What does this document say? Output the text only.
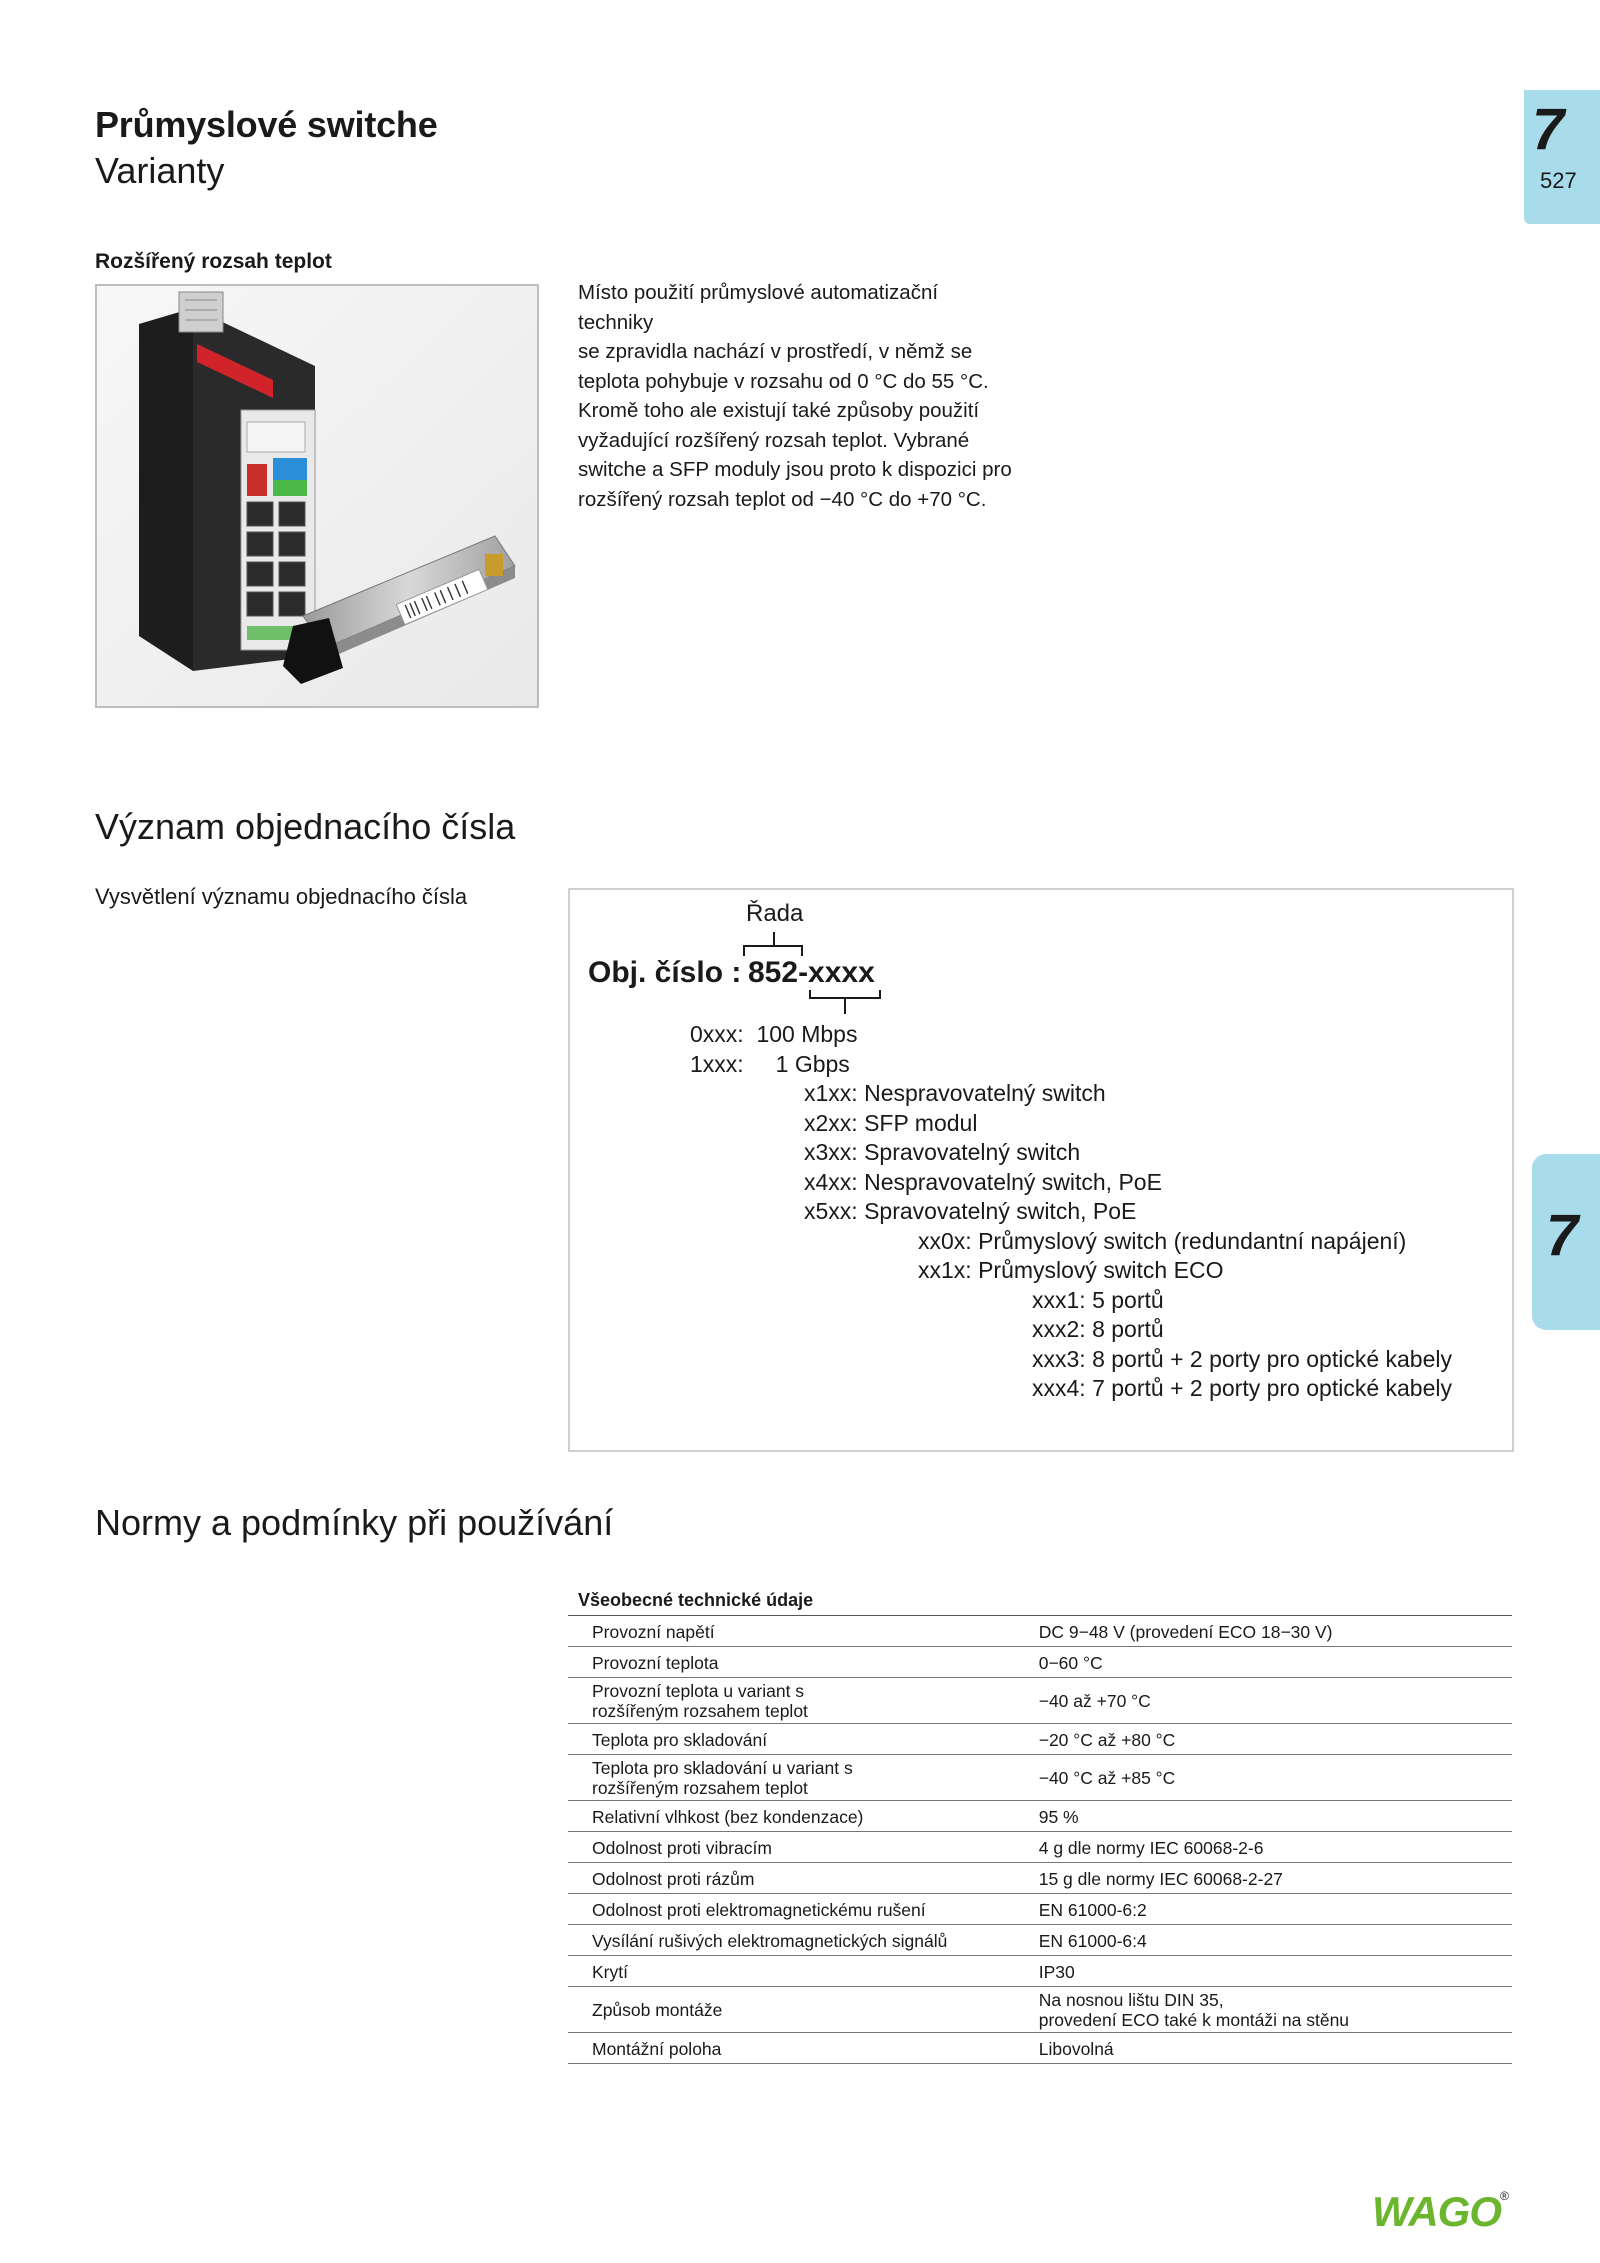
Průmyslové switche
Varianty
7
527
7
Rozšířený rozsah teplot
Místo použití průmyslové automatizační techniky
se zpravidla nachází v prostředí, v němž se
teplota pohybuje v rozsahu od 0 °C do 55 °C.
Kromě toho ale existují také způsoby použití
vyžadující rozšířený rozsah teplot. Vybrané
switche a SFP moduly jsou proto k dispozici pro
rozšířený rozsah teplot od −40 °C do +70 °C.
Význam objednacího čísla
Vysvětlení významu objednacího čísla
Řada
Obj. číslo : 852-xxxx
0xxx: 100 Mbps
1xxx: 1 Gbps
x1xx: Nespravovatelný switch
x2xx: SFP modul
x3xx: Spravovatelný switch
x4xx: Nespravovatelný switch, PoE
x5xx: Spravovatelný switch, PoE
xx0x: Průmyslový switch (redundantní napájení)
xx1x: Průmyslový switch ECO
xxx1: 5 portů
xxx2: 8 portů
xxx3: 8 portů + 2 porty pro optické kabely
xxx4: 7 portů + 2 porty pro optické kabely
Normy a podmínky při používání
Všeobecné technické údaje	
Provozní napětí	DC 9−48 V (provedení ECO 18−30 V)
Provozní teplota	0−60 °C
Provozní teplota u variant s
rozšířeným rozsahem teplot	−40 až +70 °C
Teplota pro skladování	−20 °C až +80 °C
Teplota pro skladování u variant s
rozšířeným rozsahem teplot	−40 °C až +85 °C
Relativní vlhkost (bez kondenzace)	95 %
Odolnost proti vibracím	4 g dle normy IEC 60068-2-6
Odolnost proti rázům	15 g dle normy IEC 60068-2-27
Odolnost proti elektromagnetickému rušení	EN 61000-6:2
Vysílání rušivých elektromagnetických signálů	EN 61000-6:4
Krytí	IP30
Způsob montáže	Na nosnou lištu DIN 35,
provedení ECO také k montáži na stěnu
Montážní poloha	Libovolná
WAGO ®
